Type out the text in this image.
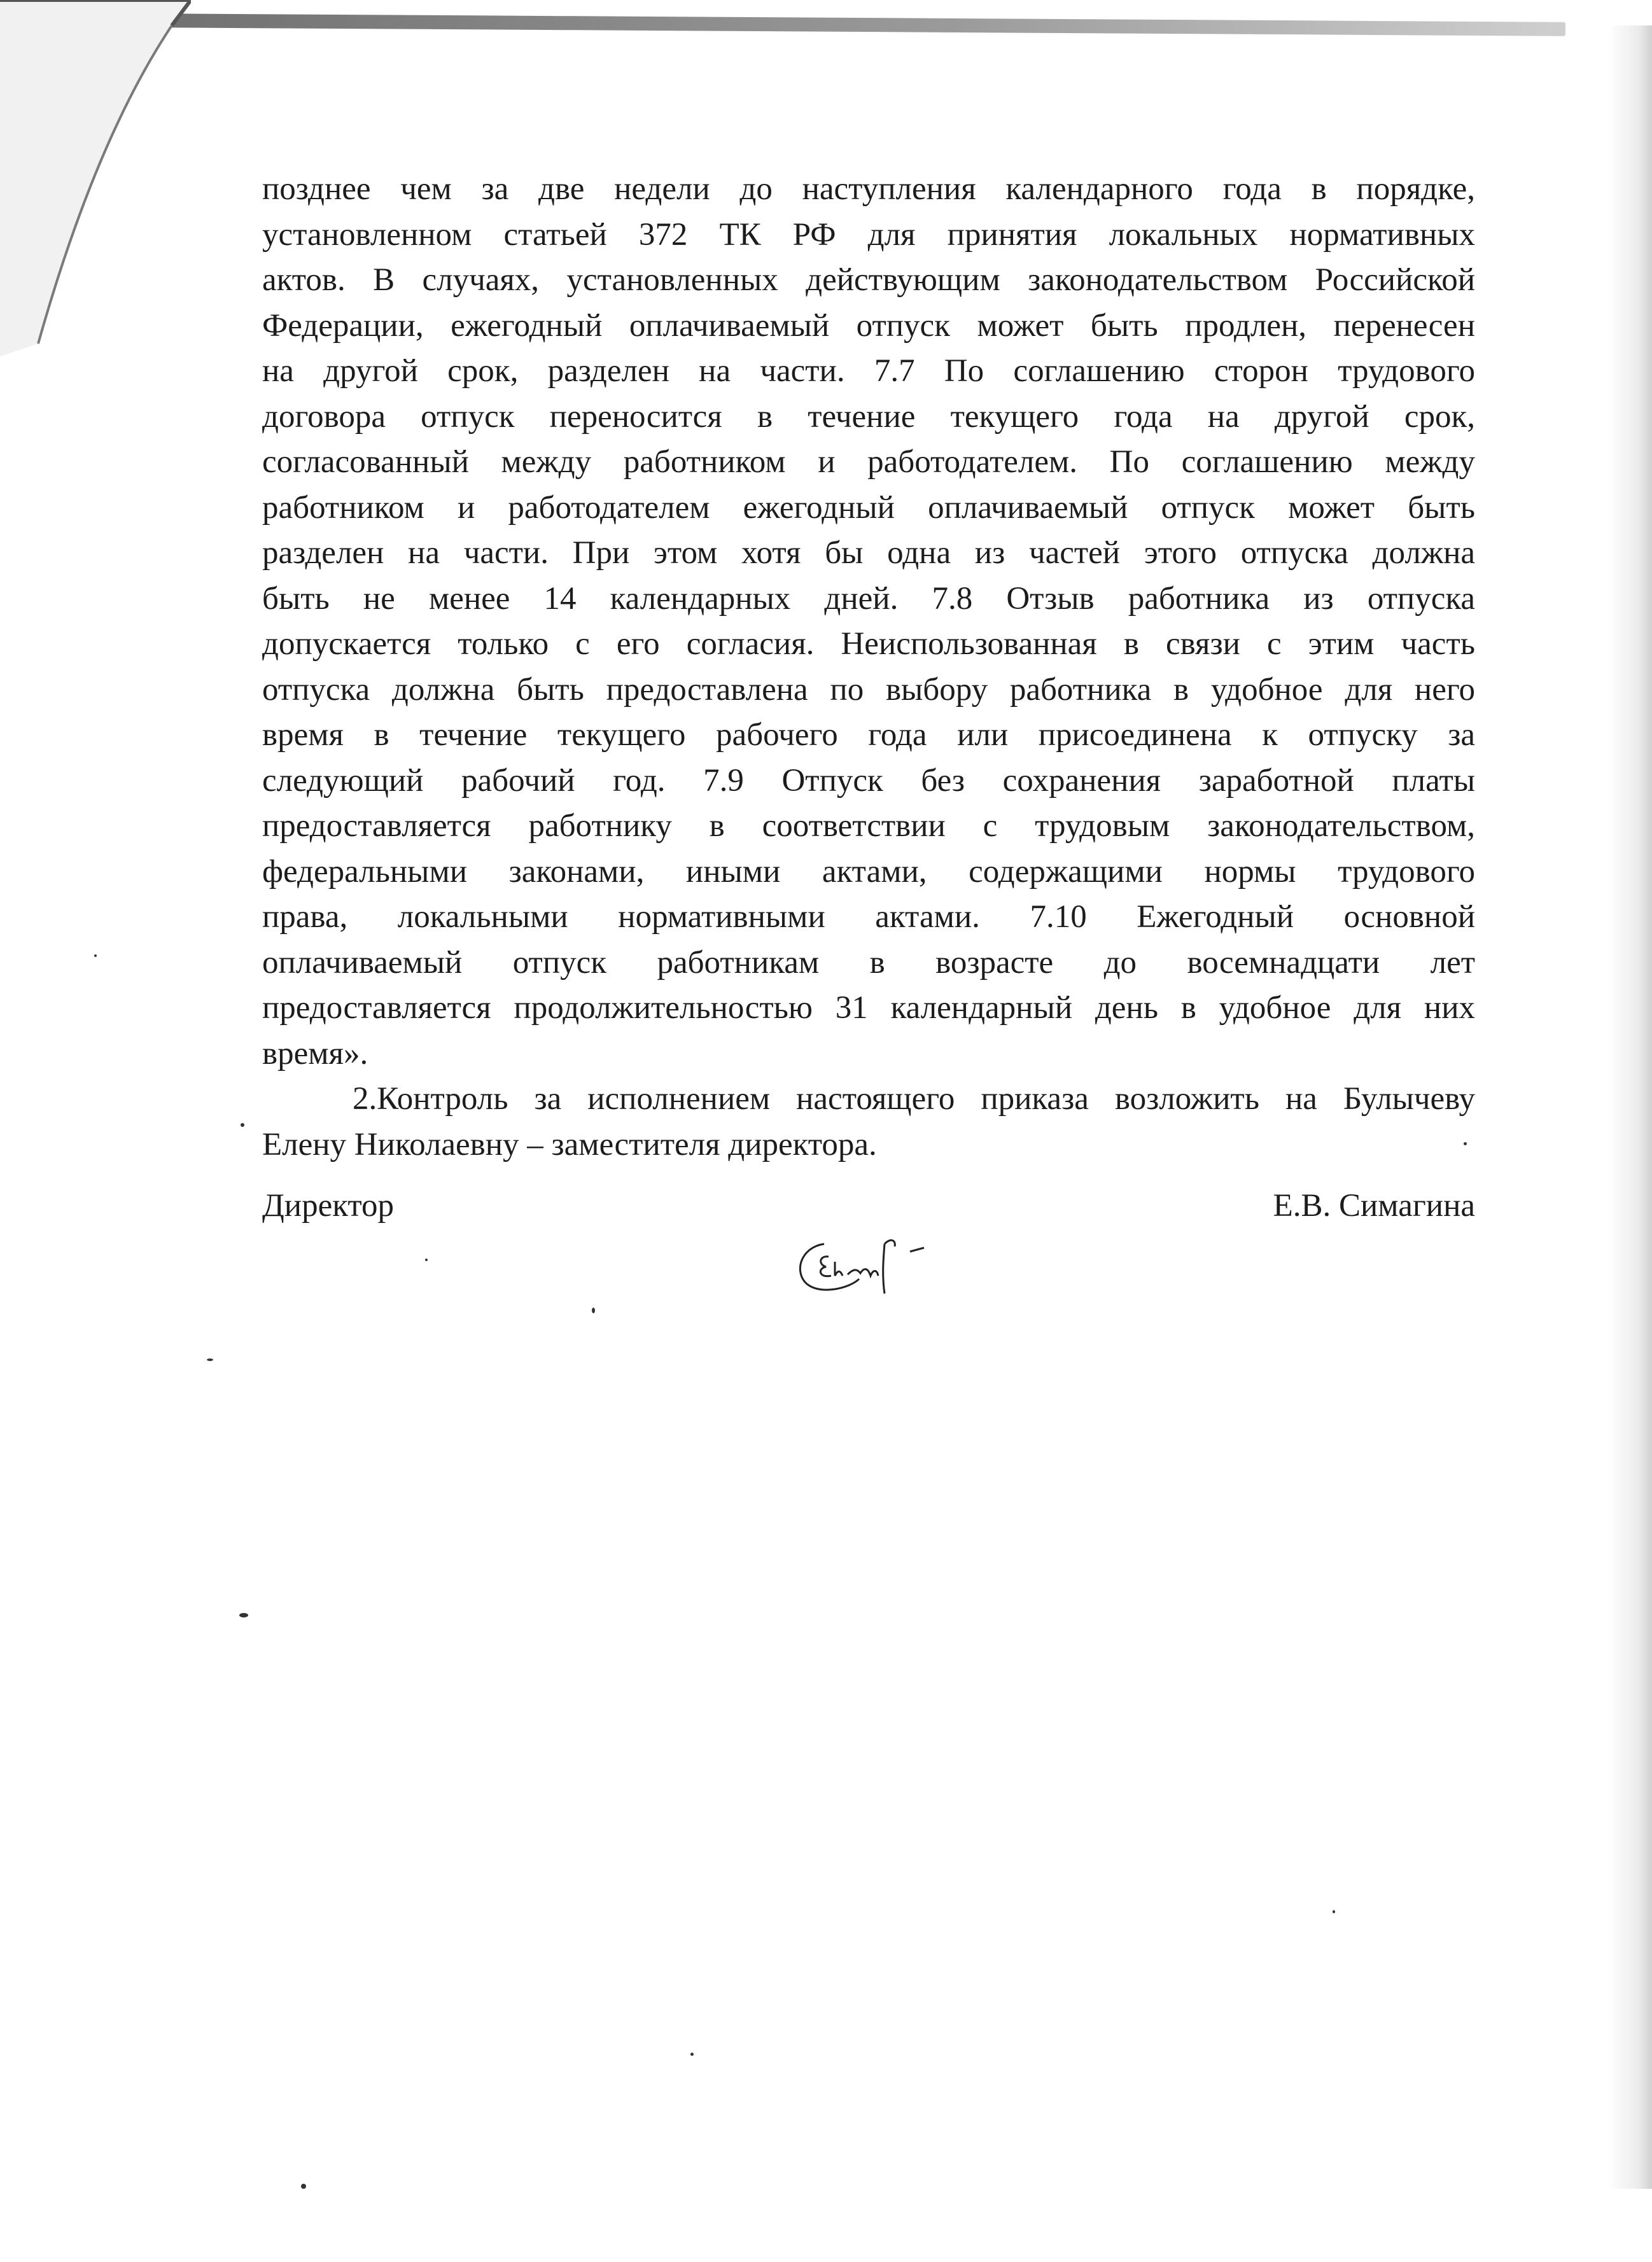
позднее чем за две недели до наступления календарного года в порядке,
установленном статьей 372 ТК РФ для принятия локальных нормативных
актов. В случаях, установленных действующим законодательством Российской
Федерации, ежегодный оплачиваемый отпуск может быть продлен, перенесен
на другой срок, разделен на части. 7.7 По соглашению сторон трудового
договора отпуск переносится в течение текущего года на другой срок,
согласованный между работником и работодателем. По соглашению между
работником и работодателем ежегодный оплачиваемый отпуск может быть
разделен на части. При этом хотя бы одна из частей этого отпуска должна
быть не менее 14 календарных дней. 7.8 Отзыв работника из отпуска
допускается только с его согласия. Неиспользованная в связи с этим часть
отпуска должна быть предоставлена по выбору работника в удобное для него
время в течение текущего рабочего года или присоединена к отпуску за
следующий рабочий год. 7.9 Отпуск без сохранения заработной платы
предоставляется работнику в соответствии с трудовым законодательством,
федеральными законами, иными актами, содержащими нормы трудового
права, локальными нормативными актами. 7.10 Ежегодный основной
оплачиваемый отпуск работникам в возрасте до восемнадцати лет
предоставляется продолжительностью 31 календарный день в удобное для них
время».
2.Контроль за исполнением настоящего приказа возложить на Булычеву
Елену Николаевну – заместителя директора.
Директор	Е.В. Симагина
